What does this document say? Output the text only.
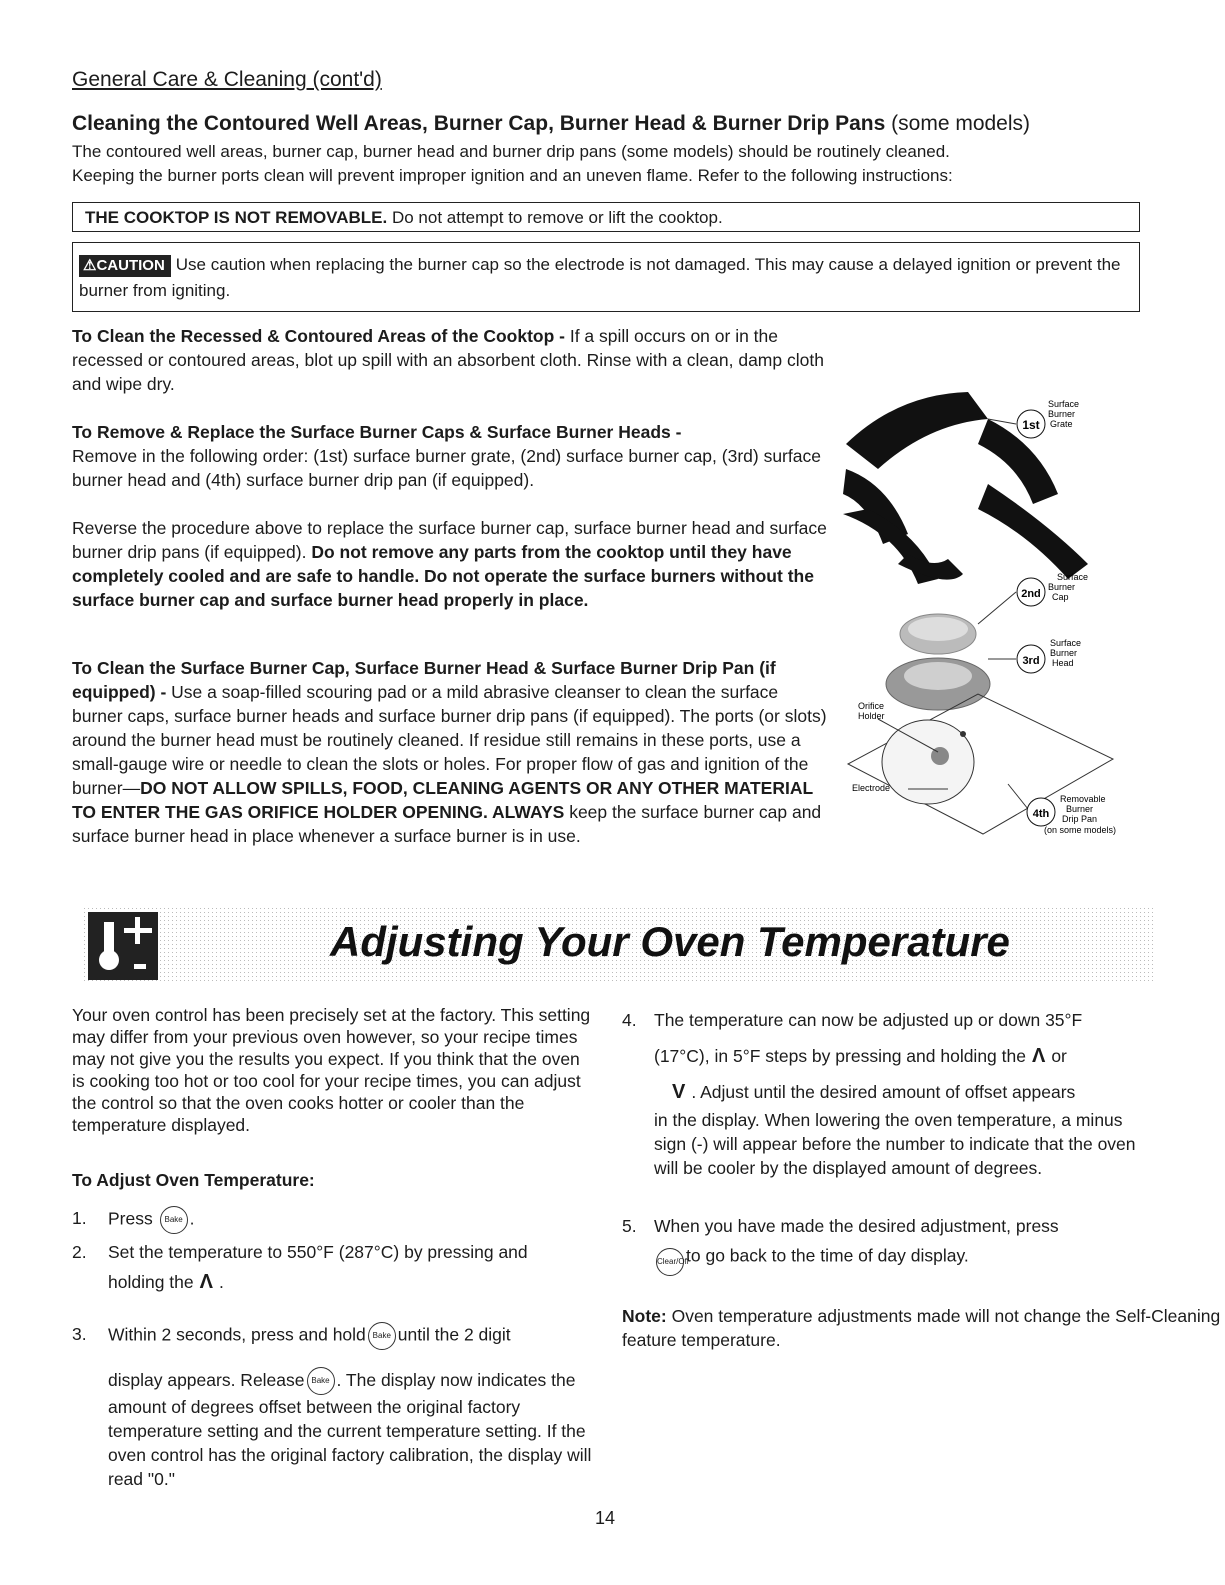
General Care & Cleaning (cont'd)
Cleaning the Contoured Well Areas, Burner Cap, Burner Head & Burner Drip Pans (some models)

The contoured well areas, burner cap, burner head and burner drip pans (some models) should be routinely cleaned.
Keeping the burner ports clean will prevent improper ignition and an uneven flame. Refer to the following instructions:

THE COOKTOP IS NOT REMOVABLE. Do not attempt to remove or lift the cooktop.
⚠CAUTION Use caution when replacing the burner cap so the electrode is not damaged. This may cause a delayed ignition or prevent the burner from igniting.

To Clean the Recessed & Contoured Areas of the Cooktop - If a spill occurs on or in the recessed or contoured areas, blot up spill with an absorbent cloth. Rinse with a clean, damp cloth and wipe dry.

To Remove & Replace the Surface Burner Caps & Surface Burner Heads -
Remove in the following order: (1st) surface burner grate, (2nd) surface burner cap, (3rd) surface burner head and (4th) surface burner drip pan (if equipped).

Reverse the procedure above to replace the surface burner cap, surface burner head and surface burner drip pans (if equipped). Do not remove any parts from the cooktop until they have completely cooled and are safe to handle. Do not operate the surface burners without the surface burner cap and surface burner head properly in place.

To Clean the Surface Burner Cap, Surface Burner Head & Surface Burner Drip Pan (if equipped) - Use a soap-filled scouring pad or a mild abrasive cleanser to clean the surface burner caps, surface burner heads and surface burner drip pans (if equipped). The ports (or slots) around the burner head must be routinely cleaned. If residue still remains in these ports, use a small-gauge wire or needle to clean the slots or holes. For proper flow of gas and ignition of the burner—DO NOT ALLOW SPILLS, FOOD, CLEANING AGENTS OR ANY OTHER MATERIAL TO ENTER THE GAS ORIFICE HOLDER OPENING. ALWAYS keep the surface burner cap and surface burner head in place whenever a surface burner is in use.

1st
Surface
Burner
Grate
2nd
Surface
Burner
Cap
3rd
Surface
Burner
Head
4th
Removable
Burner
Drip Pan
(on some models)
Orifice
Holder
Electrode
Adjusting Your Oven Temperature

Your oven control has been precisely set at the factory. This setting may differ from your previous oven however, so your recipe times may not give you the results you expect. If you think that the oven is cooking too hot or too cool for your recipe times, you can adjust the control so that the oven cooks hotter or cooler than the temperature displayed.

To Adjust Oven Temperature:

1. Press Bake .
2. Set the temperature to 550°F (287°C) by pressing and
holding the Λ .
3. Within 2 seconds, press and hold Bake until the 2 digit
display appears. Release Bake . The display now indicates the amount of degrees offset between the original factory temperature setting and the current temperature setting. If the oven control has the original factory calibration, the display will read "0."
4. The temperature can now be adjusted up or down 35°F
(17°C), in 5°F steps by pressing and holding the Λ or
V . Adjust until the desired amount of offset appears
in the display. When lowering the oven temperature, a minus sign (-) will appear before the number to indicate that the oven will be cooler by the displayed amount of degrees.
5. When you have made the desired adjustment, press
Clear/Offto go back to the time of day display.

Note: Oven temperature adjustments made will not change the Self-Cleaning feature temperature.

14
